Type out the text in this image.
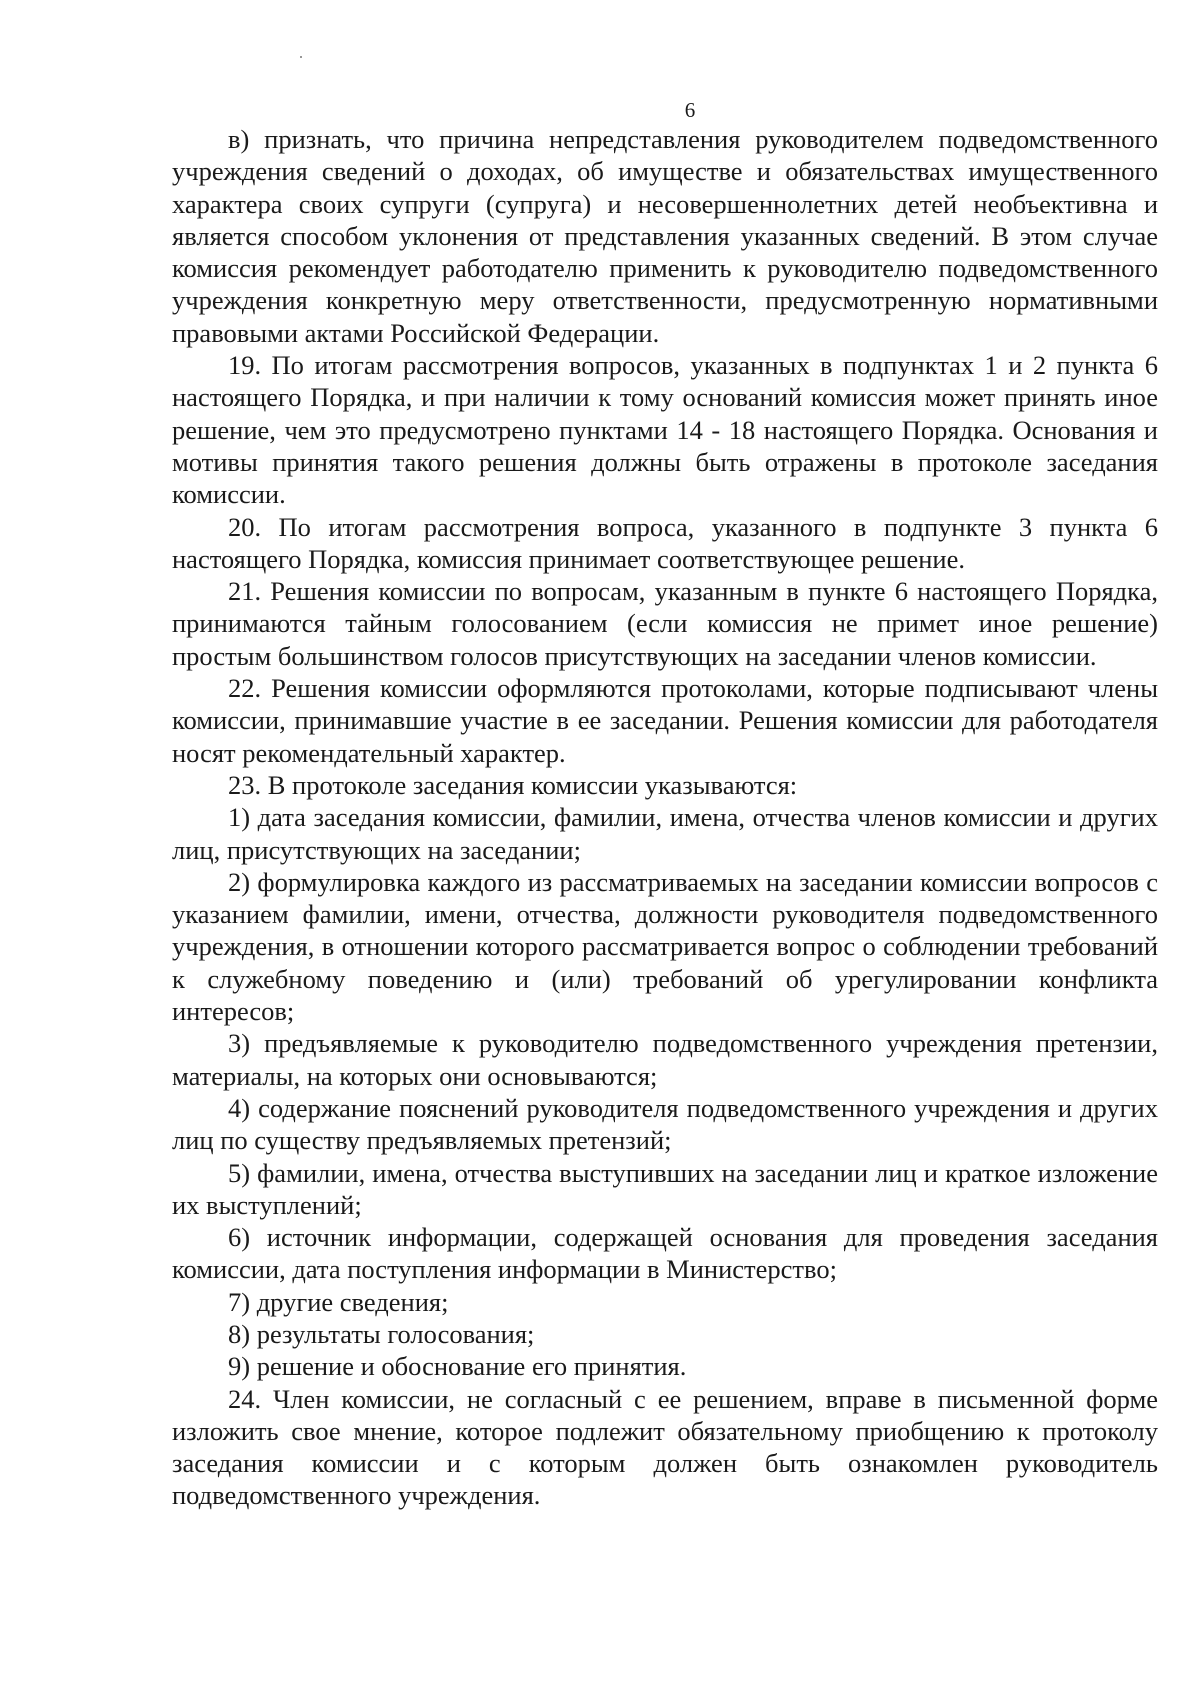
6

в) признать, что причина непредставления руководителем подведомственного учреждения сведений о доходах, об имуществе и обязательствах имущественного характера своих супруги (супруга) и несовершеннолетних детей необъективна и является способом уклонения от представления указанных сведений. В этом случае комиссия рекомендует работодателю применить к руководителю подведомственного учреждения конкретную меру ответственности, предусмотренную нормативными правовыми актами Российской Федерации.

19. По итогам рассмотрения вопросов, указанных в подпунктах 1 и 2 пункта 6 настоящего Порядка, и при наличии к тому оснований комиссия может принять иное решение, чем это предусмотрено пунктами 14 - 18 настоящего Порядка. Основания и мотивы принятия такого решения должны быть отражены в протоколе заседания комиссии.

20. По итогам рассмотрения вопроса, указанного в подпункте 3 пункта 6 настоящего Порядка, комиссия принимает соответствующее решение.

21. Решения комиссии по вопросам, указанным в пункте 6 настоящего Порядка, принимаются тайным голосованием (если комиссия не примет иное решение) простым большинством голосов присутствующих на заседании членов комиссии.

22. Решения комиссии оформляются протоколами, которые подписывают члены комиссии, принимавшие участие в ее заседании. Решения комиссии для работодателя носят рекомендательный характер.

23. В протоколе заседания комиссии указываются:

1) дата заседания комиссии, фамилии, имена, отчества членов комиссии и других лиц, присутствующих на заседании;

2) формулировка каждого из рассматриваемых на заседании комиссии вопросов с указанием фамилии, имени, отчества, должности руководителя подведомственного учреждения, в отношении которого рассматривается вопрос о соблюдении требований к служебному поведению и (или) требований об урегулировании конфликта интересов;

3) предъявляемые к руководителю подведомственного учреждения претензии, материалы, на которых они основываются;

4) содержание пояснений руководителя подведомственного учреждения и других лиц по существу предъявляемых претензий;

5) фамилии, имена, отчества выступивших на заседании лиц и краткое изложение их выступлений;

6) источник информации, содержащей основания для проведения заседания комиссии, дата поступления информации в Министерство;

7) другие сведения;

8) результаты голосования;

9) решение и обоснование его принятия.

24. Член комиссии, не согласный с ее решением, вправе в письменной форме изложить свое мнение, которое подлежит обязательному приобщению к протоколу заседания комиссии и с которым должен быть ознакомлен руководитель подведомственного учреждения.
